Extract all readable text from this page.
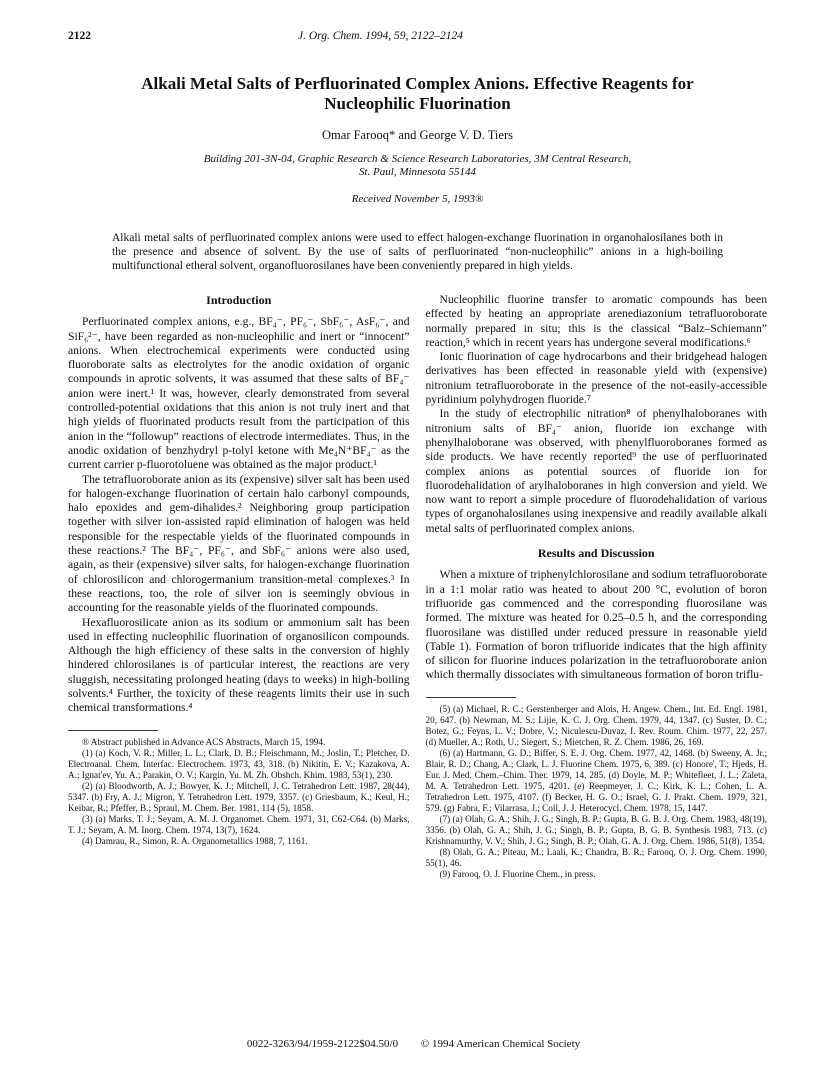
2122	J. Org. Chem. 1994, 59, 2122–2124
Alkali Metal Salts of Perfluorinated Complex Anions. Effective Reagents for Nucleophilic Fluorination
Omar Farooq* and George V. D. Tiers
Building 201-3N-04, Graphic Research & Science Research Laboratories, 3M Central Research,
St. Paul, Minnesota 55144
Received November 5, 1993®
Alkali metal salts of perfluorinated complex anions were used to effect halogen-exchange fluorination in organohalosilanes both in the presence and absence of solvent. By the use of salts of perfluorinated “non-nucleophilic” anions in a high-boiling multifunctional etheral solvent, organofluorosilanes have been conveniently prepared in high yields.
Introduction

Perfluorinated complex anions, e.g., BF₄⁻, PF₆⁻, SbF₆⁻, AsF₆⁻, and SiF₆²⁻, have been regarded as non-nucleophilic and inert or “innocent” anions. When electrochemical experiments were conducted using fluoroborate salts as electrolytes for the anodic oxidation of organic compounds in aprotic solvents, it was assumed that these salts of BF₄⁻ anion were inert.¹ It was, however, clearly demonstrated from several controlled-potential oxidations that this anion is not truly inert and that high yields of fluorinated products result from the participation of this anion in the “followup” reactions of electrode intermediates. Thus, in the anodic oxidation of benzhydryl p-tolyl ketone with Me₄N⁺BF₄⁻ as the current carrier p-fluorotoluene was obtained as the major product.¹

The tetrafluoroborate anion as its (expensive) silver salt has been used for halogen-exchange fluorination of certain halo carbonyl compounds, halo epoxides and gem-dihalides.² Neighboring group participation together with silver ion-assisted rapid elimination of halogen was held responsible for the respectable yields of the fluorinated compounds in these reactions.² The BF₄⁻, PF₆⁻, and SbF₆⁻ anions were also used, again, as their (expensive) silver salts, for halogen-exchange fluorination of chlorosilicon and chlorogermanium transition-metal complexes.³ In these reactions, too, the role of silver ion is seemingly obvious in accounting for the reasonable yields of the fluorinated compounds.

Hexafluorosilicate anion as its sodium or ammonium salt has been used in effecting nucleophilic fluorination of organosilicon compounds. Although the high efficiency of these salts in the conversion of highly hindered chlorosilanes is of particular interest, the reactions are very sluggish, necessitating prolonged heating (days to weeks) in high-boiling solvents.⁴ Further, the toxicity of these reagents limits their use in such chemical transformations.⁴

® Abstract published in Advance ACS Abstracts, March 15, 1994.

(1) (a) Koch, V. R.; Miller, L. L.; Clark, D. B.; Fleischmann, M.; Joslin, T.; Pletcher, D. Electroanal. Chem. Interfac. Electrochem. 1973, 43, 318. (b) Nikitin, E. V.; Kazakova, A. A.; Ignat'ev, Yu. A.; Parakin, O. V.; Kargin, Yu. M. Zh. Obshch. Khim. 1983, 53(1), 230.

(2) (a) Bloodworth, A. J.; Bowyer, K. J.; Mitchell, J. C. Tetrahedron Lett. 1987, 28(44), 5347. (b) Fry, A. J.; Migron, Y. Tetrahedron Lett. 1979, 3357. (c) Griesbaum, K.; Keul, H.; Keibar, R.; Pfeffer, B.; Spraul, M. Chem. Ber. 1981, 114 (5), 1858.

(3) (a) Marks, T. J.; Seyam, A. M. J. Organomet. Chem. 1971, 31, C62-C64. (b) Marks, T. J.; Seyam, A. M. Inorg. Chem. 1974, 13(7), 1624.

(4) Damrau, R., Simon, R. A. Organometallics 1988, 7, 1161.

Nucleophilic fluorine transfer to aromatic compounds has been effected by heating an appropriate arenediazonium tetrafluoroborate normally prepared in situ; this is the classical “Balz–Schiemann” reaction,⁵ which in recent years has undergone several modifications.⁶

Ionic fluorination of cage hydrocarbons and their bridgehead halogen derivatives has been effected in reasonable yield with (expensive) nitronium tetrafluoroborate in the presence of the not-easily-accessible pyridinium polyhydrogen fluoride.⁷

In the study of electrophilic nitration⁸ of phenylhaloboranes with nitronium salts of BF₄⁻ anion, fluoride ion exchange with phenylhaloborane was observed, with phenylfluoroboranes formed as side products. We have recently reported⁹ the use of perfluorinated complex anions as potential sources of fluoride ion for fluorodehalidation of arylhaloboranes in high conversion and yield. We now want to report a simple procedure of fluorodehalidation of various types of organohalosilanes using inexpensive and readily available alkali metal salts of perfluorinated complex anions.

Results and Discussion

When a mixture of triphenylchlorosilane and sodium tetrafluoroborate in a 1:1 molar ratio was heated to about 200 °C, evolution of boron trifluoride gas commenced and the corresponding fluorosilane was formed. The mixture was heated for 0.25–0.5 h, and the corresponding fluorosilane was distilled under reduced pressure in reasonable yield (Table 1). Formation of boron trifluoride indicates that the high affinity of silicon for fluorine induces polarization in the tetrafluoroborate anion which thermally dissociates with simultaneous formation of boron triflu-

(5) (a) Michael, R. C.; Gerstenberger and Alois, H. Angew. Chem., Int. Ed. Engl. 1981, 20, 647. (b) Newman, M. S.; Lijie, K. C. J. Org. Chem. 1979, 44, 1347. (c) Suster, D. C.; Botez, G.; Feyns, L. V.; Dobre, V.; Niculescu-Duvaz, I. Rev. Roum. Chim. 1977, 22, 257. (d) Mueller, A.; Roth, U.; Siegert, S.; Mietchen, R. Z. Chem. 1986, 26, 169.

(6) (a) Hartmann, G. D.; Biffer, S. E. J. Org. Chem. 1977, 42, 1468. (b) Sweeny, A. Jr.; Blair, R. D.; Chang, A.; Clark, L. J. Fluorine Chem. 1975, 6, 389. (c) Honore', T.; Hjeds, H. Eur. J. Med. Chem.–Chim. Ther. 1979, 14, 285. (d) Doyle, M. P.; Whitefleet, J. L.; Zaleta, M. A. Tetrahedron Lett. 1975, 4201. (e) Reepmeyer, J. C.; Kirk, K. L.; Cohen, L. A. Tetrahedron Lett. 1975, 4107. (f) Becker, H. G. O.; Israel, G. J. Prakt. Chem. 1979, 321, 579. (g) Fabra, F.; Vilarrasa, J.; Coll, J. J. Heterocycl. Chem. 1978, 15, 1447.

(7) (a) Olah, G. A.; Shih, J. G.; Singh, B. P.; Gupta, B. G. B. J. Org. Chem. 1983, 48(19), 3356. (b) Olah, G. A.; Shih, J. G.; Singh, B. P.; Gupta, B. G. B. Synthesis 1983, 713. (c) Krishnamurthy, V. V.; Shih, J. G.; Singh, B. P.; Olah, G. A. J. Org. Chem. 1986, 51(8), 1354.

(8) Olah, G. A.; Piteau, M.; Laali, K.; Chandra, B. R.; Farooq, O. J. Org. Chem. 1990, 55(1), 46.

(9) Farooq, O. J. Fluorine Chem., in press.

0022-3263/94/1959-2122$04.50/0 © 1994 American Chemical Society
